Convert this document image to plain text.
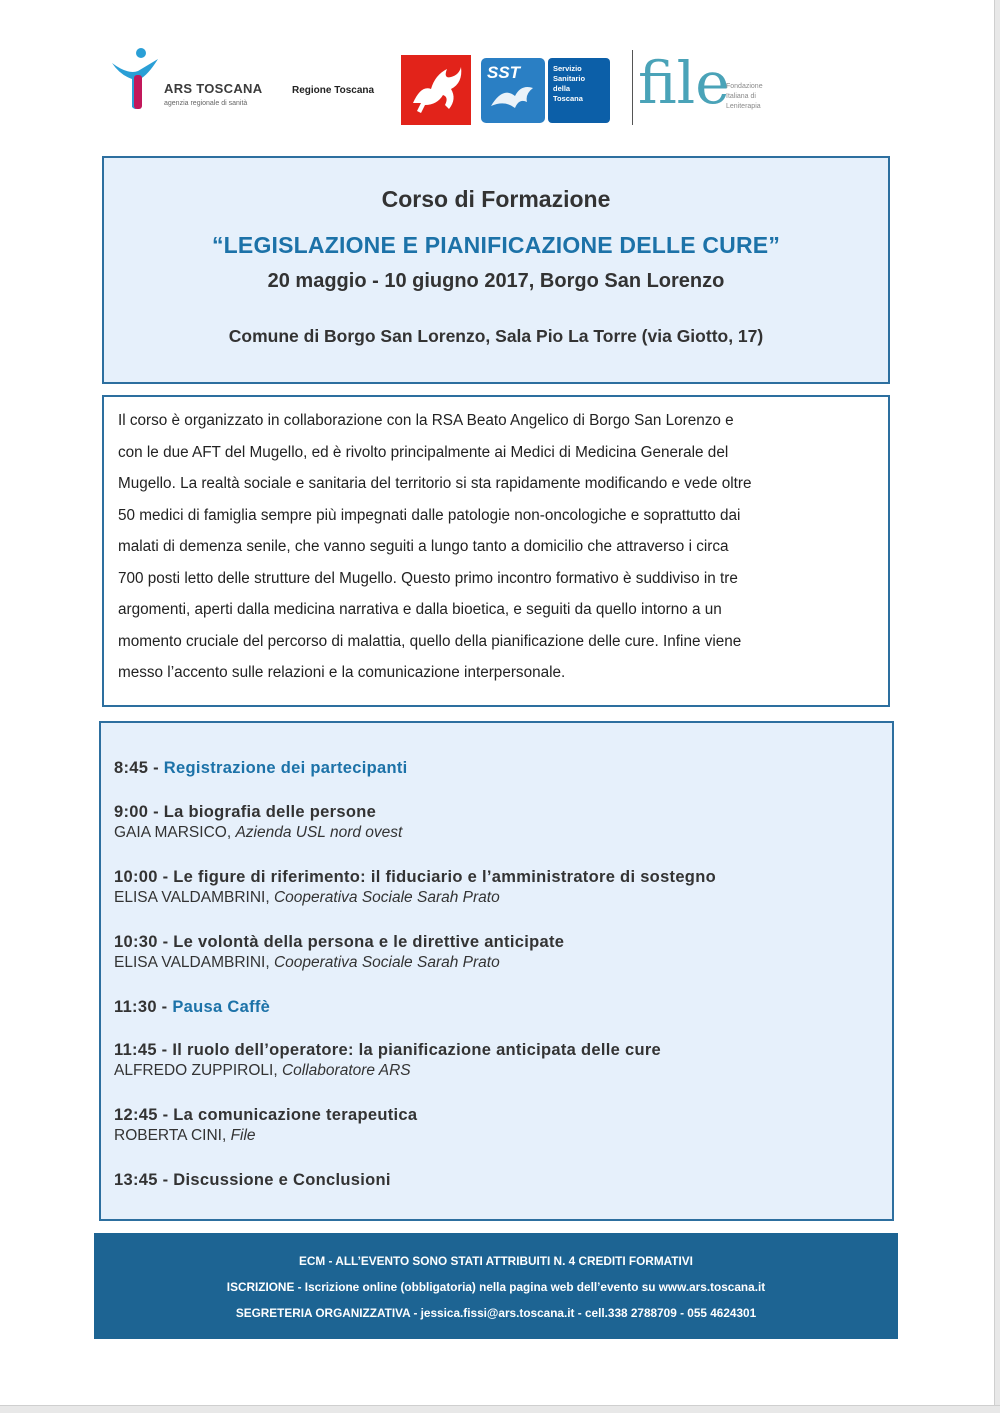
ARS TOSCANA
agenzia regionale di sanità
Regione Toscana
SST	Servizio
Sanitario
della
Toscana file
Fondazione
Italiana di
Leniterapia
Corso di Formazione
“LEGISLAZIONE E PIANIFICAZIONE DELLE CURE”
20 maggio - 10 giugno 2017, Borgo San Lorenzo
Comune di Borgo San Lorenzo, Sala Pio La Torre (via Giotto, 17)
Il corso è organizzato in collaborazione con la RSA Beato Angelico di Borgo San Lorenzo e
con le due AFT del Mugello, ed è rivolto principalmente ai Medici di Medicina Generale del
Mugello. La realtà sociale e sanitaria del territorio si sta rapidamente modificando e vede oltre
50 medici di famiglia sempre più impegnati dalle patologie non-oncologiche e soprattutto dai
malati di demenza senile, che vanno seguiti a lungo tanto a domicilio che attraverso i circa
700 posti letto delle strutture del Mugello. Questo primo incontro formativo è suddiviso in tre
argomenti, aperti dalla medicina narrativa e dalla bioetica, e seguiti da quello intorno a un
momento cruciale del percorso di malattia, quello della pianificazione delle cure. Infine viene
messo l’accento sulle relazioni e la comunicazione interpersonale.
8:45 - Registrazione dei partecipanti
9:00 - La biografia delle persone
GAIA MARSICO, Azienda USL nord ovest
10:00 - Le figure di riferimento: il fiduciario e l’amministratore di sostegno
ELISA VALDAMBRINI, Cooperativa Sociale Sarah Prato
10:30 - Le volontà della persona e le direttive anticipate
ELISA VALDAMBRINI, Cooperativa Sociale Sarah Prato
11:30 - Pausa Caffè
11:45 - Il ruolo dell’operatore: la pianificazione anticipata delle cure
ALFREDO ZUPPIROLI, Collaboratore ARS
12:45 - La comunicazione terapeutica
ROBERTA CINI, File
13:45 - Discussione e Conclusioni
ECM - ALL’EVENTO SONO STATI ATTRIBUITI N. 4 CREDITI FORMATIVI
ISCRIZIONE - Iscrizione online (obbligatoria) nella pagina web dell’evento su www.ars.toscana.it
SEGRETERIA ORGANIZZATIVA - jessica.fissi@ars.toscana.it - cell.338 2788709 - 055 4624301
